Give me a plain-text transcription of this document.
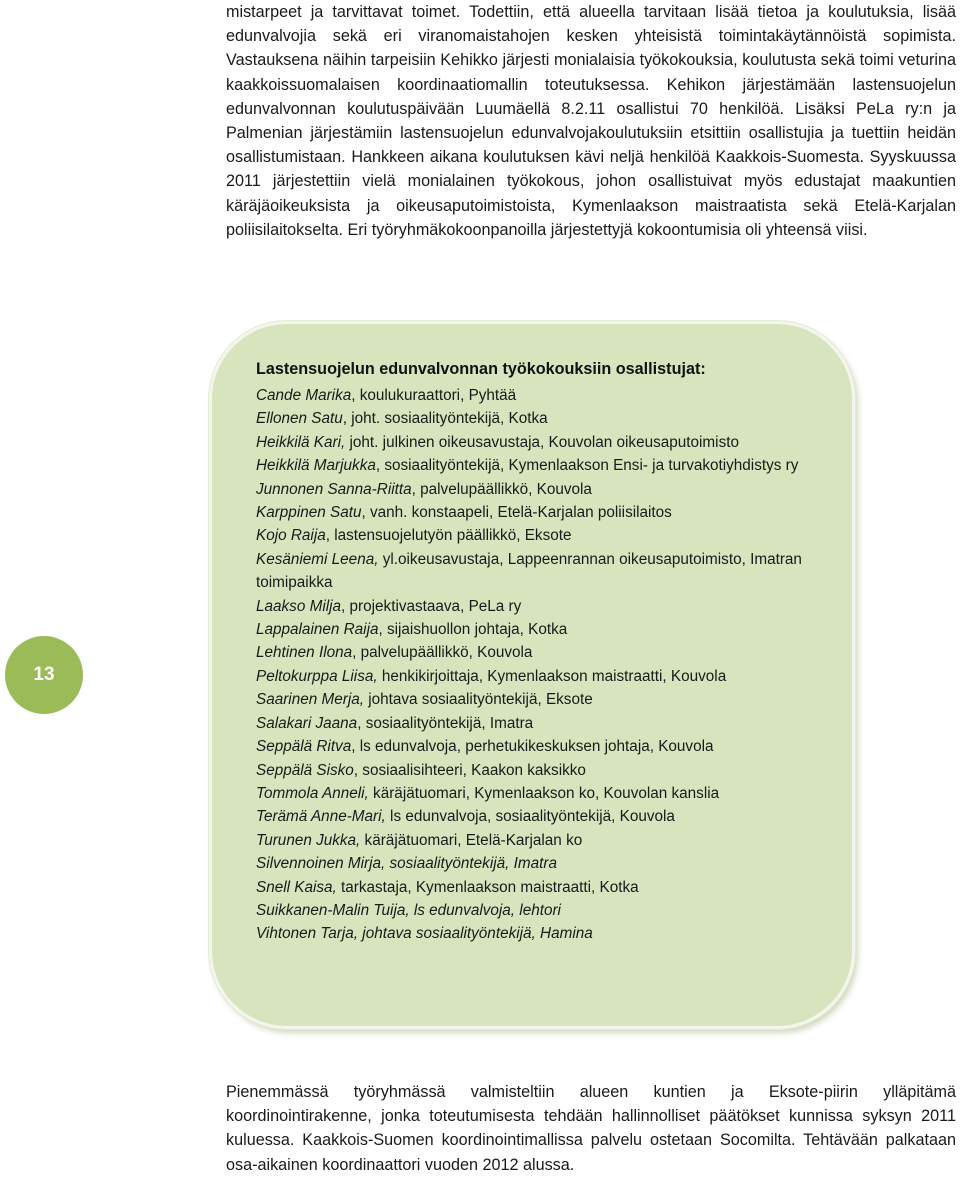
13

mistarpeet ja tarvittavat toimet. Todettiin, että alueella tarvitaan lisää tietoa ja koulutuksia, lisää edunvalvojia sekä eri viranomaistahojen kesken yhteisistä toimintakäytännöistä sopimista. Vastauksena näihin tarpeisiin Kehikko järjesti monialaisia työkokouksia, koulutusta sekä toimi veturina kaakkoissuomalaisen koordinaatiomallin toteutuksessa. Kehikon järjestämään lastensuojelun edunvalvonnan koulutuspäivään Luumäellä 8.2.11 osallistui 70 henkilöä. Lisäksi PeLa ry:n ja Palmenian järjestämiin lastensuojelun edunvalvojakoulutuksiin etsittiin osallistujia ja tuettiin heidän osallistumistaan. Hankkeen aikana koulutuksen kävi neljä henkilöä Kaakkois-Suomesta. Syyskuussa 2011 järjestettiin vielä monialainen työkokous, johon osallistuivat myös edustajat maakuntien käräjäoikeuksista ja oikeusaputoimistoista, Kymenlaakson maistraatista sekä Etelä-Karjalan poliisilaitokselta. Eri työryhmäkokoonpanoilla järjestettyjä kokoontumisia oli yhteensä viisi.

Lastensuojelun edunvalvonnan työkokouksiin osallistujat:

Cande Marika, koulukuraattori, Pyhtää
Ellonen Satu, joht. sosiaalityöntekijä, Kotka
Heikkilä Kari, joht. julkinen oikeusavustaja, Kouvolan oikeusaputoimisto
Heikkilä Marjukka, sosiaalityöntekijä, Kymenlaakson Ensi- ja turvakotiyhdistys ry
Junnonen Sanna-Riitta, palvelupäällikkö, Kouvola
Karppinen Satu, vanh. konstaapeli, Etelä-Karjalan poliisilaitos
Kojo Raija, lastensuojelutyön päällikkö, Eksote
Kesäniemi Leena, yl.oikeusavustaja, Lappeenrannan oikeusaputoimisto, Imatran toimipaikka
Laakso Milja, projektivastaava, PeLa ry
Lappalainen Raija, sijaishuollon johtaja, Kotka
Lehtinen Ilona, palvelupäällikkö, Kouvola
Peltokurppa Liisa, henkikirjoittaja, Kymenlaakson maistraatti, Kouvola
Saarinen Merja, johtava sosiaalityöntekijä, Eksote
Salakari Jaana, sosiaalityöntekijä, Imatra
Seppälä Ritva, ls edunvalvoja, perhetukikeskuksen johtaja, Kouvola
Seppälä Sisko, sosiaalisihteeri, Kaakon kaksikko
Tommola Anneli, käräjätuomari, Kymenlaakson ko, Kouvolan kanslia
Terämä Anne-Mari, ls edunvalvoja, sosiaalityöntekijä, Kouvola
Turunen Jukka, käräjätuomari, Etelä-Karjalan ko
Silvennoinen Mirja, sosiaalityöntekijä, Imatra
Snell Kaisa, tarkastaja, Kymenlaakson maistraatti, Kotka
Suikkanen-Malin Tuija, ls edunvalvoja, lehtori
Vihtonen Tarja, johtava sosiaalityöntekijä, Hamina

Pienemmässä työryhmässä valmisteltiin alueen kuntien ja Eksote-piirin ylläpitämä koordinointirakenne, jonka toteutumisesta tehdään hallinnolliset päätökset kunnissa syksyn 2011 kuluessa. Kaakkois-Suomen koordinointimallissa palvelu ostetaan Socomilta. Tehtävään palkataan osa-aikainen koordinaattori vuoden 2012 alussa.
